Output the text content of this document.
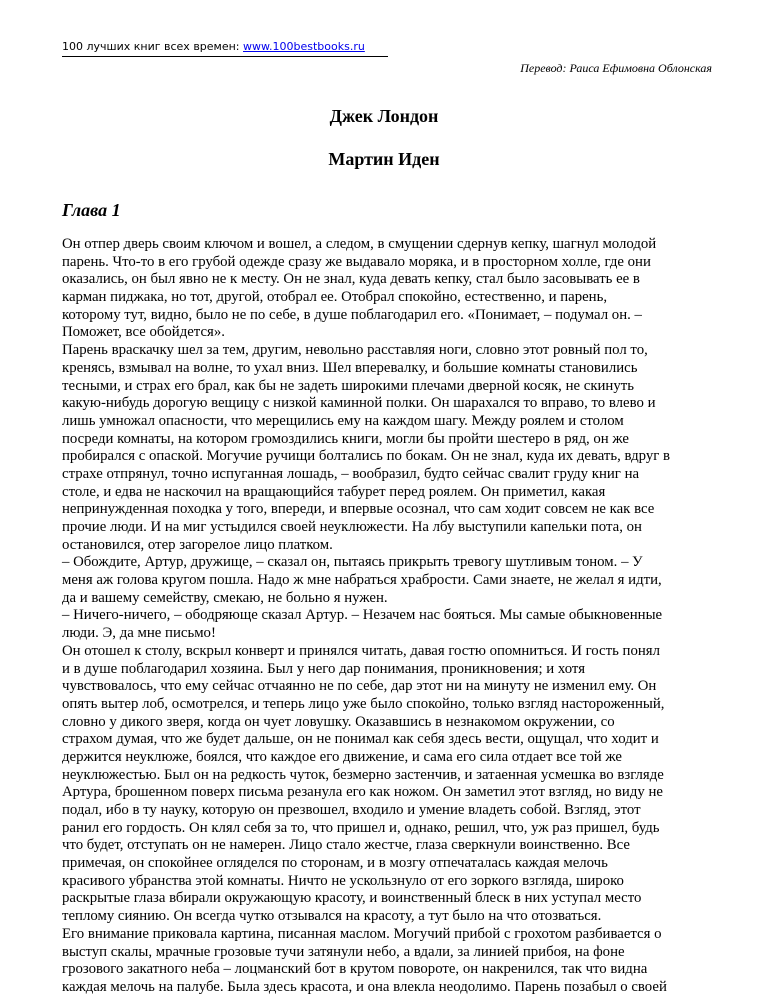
100 лучших книг всех времен: www.100bestbooks.ru
Перевод: Раиса Ефимовна Облонская
Джек Лондон
Мартин Иден
Глава 1
Он отпер дверь своим ключом и вошел, а следом, в смущении сдернув кепку, шагнул молодой
парень. Что-то в его грубой одежде сразу же выдавало моряка, и в просторном холле, где они
оказались, он был явно не к месту. Он не знал, куда девать кепку, стал было засовывать ее в
карман пиджака, но тот, другой, отобрал ее. Отобрал спокойно, естественно, и парень,
которому тут, видно, было не по себе, в душе поблагодарил его. «Понимает, – подумал он. –
Поможет, все обойдется».
Парень враскачку шел за тем, другим, невольно расставляя ноги, словно этот ровный пол то,
кренясь, взмывал на волне, то ухал вниз. Шел вперевалку, и большие комнаты становились
тесными, и страх его брал, как бы не задеть широкими плечами дверной косяк, не скинуть
какую-нибудь дорогую вещицу с низкой каминной полки. Он шарахался то вправо, то влево и
лишь умножал опасности, что мерещились ему на каждом шагу. Между роялем и столом
посреди комнаты, на котором громоздились книги, могли бы пройти шестеро в ряд, он же
пробирался с опаской. Могучие ручищи болтались по бокам. Он не знал, куда их девать, вдруг в
страхе отпрянул, точно испуганная лошадь, – вообразил, будто сейчас свалит груду книг на
столе, и едва не наскочил на вращающийся табурет перед роялем. Он приметил, какая
непринужденная походка у того, впереди, и впервые осознал, что сам ходит совсем не как все
прочие люди. И на миг устыдился своей неуклюжести. На лбу выступили капельки пота, он
остановился, отер загорелое лицо платком.
– Обождите, Артур, дружище, – сказал он, пытаясь прикрыть тревогу шутливым тоном. – У
меня аж голова кругом пошла. Надо ж мне набраться храбрости. Сами знаете, не желал я идти,
да и вашему семейству, смекаю, не больно я нужен.
– Ничего-ничего, – ободряюще сказал Артур. – Незачем нас бояться. Мы самые обыкновенные
люди. Э, да мне письмо!
Он отошел к столу, вскрыл конверт и принялся читать, давая гостю опомниться. И гость понял
и в душе поблагодарил хозяина. Был у него дар понимания, проникновения; и хотя
чувствовалось, что ему сейчас отчаянно не по себе, дар этот ни на минуту не изменил ему. Он
опять вытер лоб, осмотрелся, и теперь лицо уже было спокойно, только взгляд настороженный,
словно у дикого зверя, когда он чует ловушку. Оказавшись в незнакомом окружении, со
страхом думая, что же будет дальше, он не понимал как себя здесь вести, ощущал, что ходит и
держится неуклюже, боялся, что каждое его движение, и сама его сила отдает все той же
неуклюжестью. Был он на редкость чуток, безмерно застенчив, и затаенная усмешка во взгляде
Артура, брошенном поверх письма резанула его как ножом. Он заметил этот взгляд, но виду не
подал, ибо в ту науку, которую он презвошел, входило и умение владеть собой. Взгляд, этот
ранил его гордость. Он клял себя за то, что пришел и, однако, решил, что, уж раз пришел, будь
что будет, отступать он не намерен. Лицо стало жестче, глаза сверкнули воинственно. Все
примечая, он спокойнее огляделся по сторонам, и в мозгу отпечаталась каждая мелочь
красивого убранства этой комнаты. Ничто не ускользнуло от его зоркого взгляда, широко
раскрытые глаза вбирали окружающую красоту, и воинственный блеск в них уступал место
теплому сиянию. Он всегда чутко отзывался на красоту, а тут было на что отозваться.
Его внимание приковала картина, писанная маслом. Могучий прибой с грохотом разбивается о
выступ скалы, мрачные грозовые тучи затянули небо, а вдали, за линией прибоя, на фоне
грозового закатного неба – лоцманский бот в крутом повороте, он накренился, так что видна
каждая мелочь на палубе. Была здесь красота, и она влекла неодолимо. Парень позабыл о своей
